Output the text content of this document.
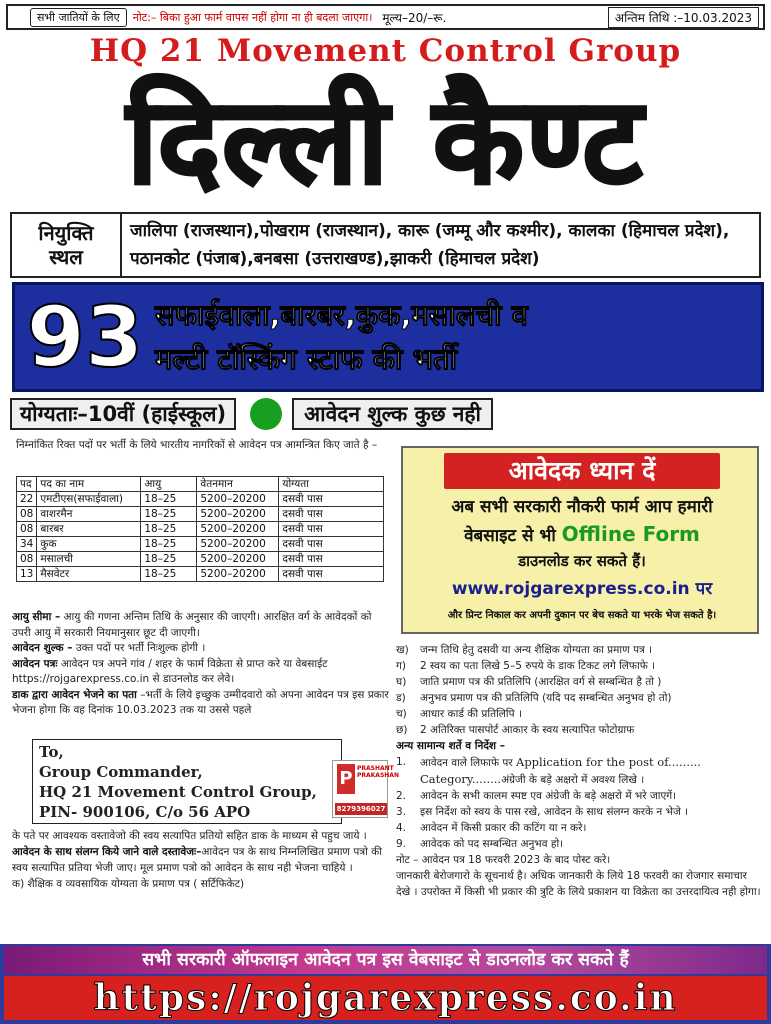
सभी जातियों के लिए	नोट:– बिका हुआ फार्म वापस नहीं होगा ना ही बदला जाएगा। मूल्य–20/–रू.	अन्तिम तिथि :–10.03.2023
HQ 21 Movement Control Group
दिल्ली कैण्ट
नियुक्ति
स्थल
जालिपा (राजस्थान),पोखराम (राजस्थान), कारू (जम्मू और कश्मीर), कालका (हिमाचल प्रदेश),
पठानकोट (पंजाब),बनबसा (उत्तराखण्ड),झाकरी (हिमाचल प्रदेश)
93 सफाईवाला,बारबर,कुक,मसालची व
मल्टी टॉस्किंग स्टाफ की भर्ती
योग्यताः–10वीं (हाईस्कूल)	आवेदन शुल्क कुछ नही
निम्नांकित रिक्त पदों पर भर्ती के लिये भारतीय नागरिकों से आवेदन पत्र आमन्त्रित किए जाते है –
पद	पद का नाम	आयु	वेतनमान	योग्यता
22	एमटीएस(सफाईवाला)	18–25	5200–20200	दसवी पास
08	वाशरमैन	18–25	5200–20200	दसवी पास
08	बारबर	18–25	5200–20200	दसवी पास
34	कुक	18–25	5200–20200	दसवी पास
08	मसालची	18–25	5200–20200	दसवी पास
13	मैसवेटर	18–25	5200–20200	दसवी पास

आयु सीमा – आयु की गणना अन्तिम तिथि के अनुसार की जाएगी। आरक्षित वर्ग के आवेदकों को उपरी आयु में सरकारी नियमानुसार छूट दी जाएगी।

आवेदन शुल्क – उक्त पदों पर भर्ती निःशुल्क होगी ।

आवेदन पत्रः आवेदन पत्र अपने गांव / शहर के फार्म विक्रेता से प्राप्त करे या वेबसाईट https://rojgarexpress.co.in से डाउनलोड कर लेवे।

डाक द्वारा आवेदन भेजने का पता –भर्ती के लिये इच्छुक उम्मीदवारो को अपना आवेदन पत्र इस प्रकार भेजना होगा कि वह दिनांक 10.03.2023 तक या उससे पहले

To,
Group Commander,
HQ 21 Movement Control Group,
PIN- 900106, C/o 56 APO
P PRASHANT PRAKASHAN
8279396027

के पते पर आवश्यक वस्तावेजो की स्वय सत्यापित प्रतियो सहित डाक के माध्यम से पहुच जाये ।

आवेदन के साथ संलग्न किये जाने वाले दस्तावेजः–आवेदन पत्र के साथ निम्नलिखित प्रमाण पत्रो की स्वय सत्यापित प्रतिया भेजी जाए। मूल प्रमाण पत्रो को आवेदन के साथ नही भेजना चाहिये ।

क) शैक्षिक व व्यवसायिक योग्यता के प्रमाण पत्र ( सर्टिफिकेट)

आवेदक ध्यान दें
अब सभी सरकारी नौकरी फार्म आप हमारी
वेबसाइट से भी Offline Form
डाउनलोड कर सकते हैं।
www.rojgarexpress.co.in पर
और प्रिन्ट निकाल कर अपनी दुकान पर बेच सकते या भरके भेज सकते है।
ख)	जन्म तिथि हेतु दसवी या अन्य शैक्षिक योग्यता का प्रमाण पत्र ।
ग)	2 स्वय का पता लिखे 5–5 रुपये के डाक टिकट लगे लिफाफे ।
घ)	जाति प्रमाण पत्र की प्रतिलिपि (आरक्षित वर्ग से सम्बन्धित है तो )
ड)	अनुभव प्रमाण पत्र की प्रतिलिपि (यदि पद सम्बन्धित अनुभव हो तो)
च)	आधार कार्ड की प्रतिलिपि ।
छ)	2 अतिरिक्त पासपोर्ट आकार के स्वय सत्यापित फोटोग्राफ
अन्य सामान्य शर्ते व निर्देश –
1.	आवेदन वाले लिफाफे पर Application for the post of.........
Category........अंग्रेजी के बड़े अक्षरो में अवश्य लिखे ।
2.	आवेदन के सभी कालम स्पष्ट एव अंग्रेजी के बड़े अक्षरो में भरे जाएगें।
3.	इस निर्देश को स्वय के पास रखे, आवेदन के साथ संलग्न करके न भेजे ।
4.	आवेदन में किसी प्रकार की कटिंग या न करे।
9.	आवेदक को पद सम्बन्धित अनुभव हो।
नोट – आवेदन पत्र 18 फरवरी 2023 के बाद पोस्ट करे।
जानकारी बेरोजगारो के सूचनार्थ है। अधिक जानकारी के लिये 18 फरवरी का रोजगार समाचार देखे । उपरोक्त में किसी भी प्रकार की त्रुटि के लिये प्रकाशन या विक्रेता का उत्तरदायित्व नही होगा।
सभी सरकारी ऑफलाइन आवेदन पत्र इस वेबसाइट से डाउनलोड कर सकते हैं
https://rojgarexpress.co.in
